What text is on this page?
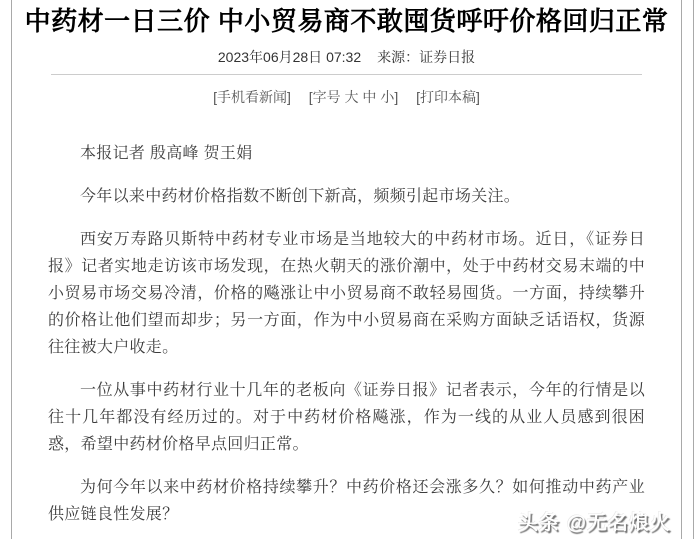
中药材一日三价 中小贸易商不敢囤货呼吁价格回归正常
2023年06月28日 07:32 来源：证券日报
[手机看新闻] [字号 大 中 小] [打印本稿]

本报记者 殷高峰 贺王娟

今年以来中药材价格指数不断创下新高，频频引起市场关注。

西安万寿路贝斯特中药材专业市场是当地较大的中药材市场。近日，《证券日报》记者实地走访该市场发现，在热火朝天的涨价潮中，处于中药材交易末端的中小贸易市场交易冷清，价格的飚涨让中小贸易商不敢轻易囤货。一方面，持续攀升的价格让他们望而却步；另一方面，作为中小贸易商在采购方面缺乏话语权，货源往往被大户收走。

一位从事中药材行业十几年的老板向《证券日报》记者表示，今年的行情是以往十几年都没有经历过的。对于中药材价格飚涨，作为一线的从业人员感到很困惑，希望中药材价格早点回归正常。

为何今年以来中药材价格持续攀升？中药价格还会涨多久？如何推动中药产业供应链良性发展？	头条 @无名烺火
